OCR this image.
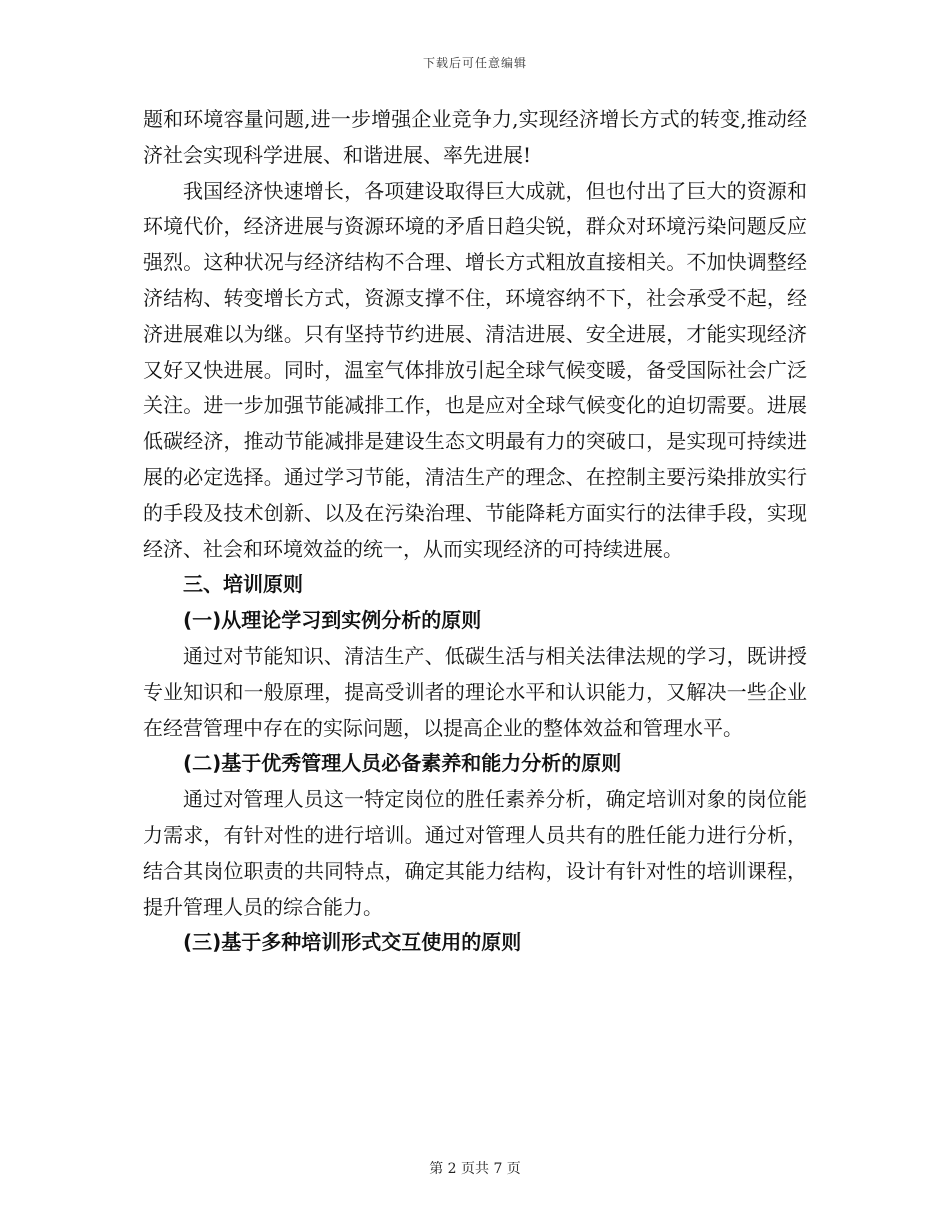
下载后可任意编辑

题和环境容量问题,进一步增强企业竞争力,实现经济增长方式的转变,推动经济社会实现科学进展、和谐进展、率先进展!

我国经济快速增长，各项建设取得巨大成就，但也付出了巨大的资源和环境代价，经济进展与资源环境的矛盾日趋尖锐，群众对环境污染问题反应强烈。这种状况与经济结构不合理、增长方式粗放直接相关。不加快调整经济结构、转变增长方式，资源支撑不住，环境容纳不下，社会承受不起，经济进展难以为继。只有坚持节约进展、清洁进展、安全进展，才能实现经济又好又快进展。同时，温室气体排放引起全球气候变暖，备受国际社会广泛关注。进一步加强节能减排工作，也是应对全球气候变化的迫切需要。进展低碳经济，推动节能减排是建设生态文明最有力的突破口，是实现可持续进展的必定选择。通过学习节能，清洁生产的理念、在控制主要污染排放实行的手段及技术创新、以及在污染治理、节能降耗方面实行的法律手段，实现经济、社会和环境效益的统一，从而实现经济的可持续进展。

三、培训原则

(一)从理论学习到实例分析的原则

通过对节能知识、清洁生产、低碳生活与相关法律法规的学习，既讲授专业知识和一般原理，提高受训者的理论水平和认识能力，又解决一些企业在经营管理中存在的实际问题，以提高企业的整体效益和管理水平。

(二)基于优秀管理人员必备素养和能力分析的原则

通过对管理人员这一特定岗位的胜任素养分析，确定培训对象的岗位能力需求，有针对性的进行培训。通过对管理人员共有的胜任能力进行分析，结合其岗位职责的共同特点，确定其能力结构，设计有针对性的培训课程，提升管理人员的综合能力。

(三)基于多种培训形式交互使用的原则

第 2 页共 7 页
